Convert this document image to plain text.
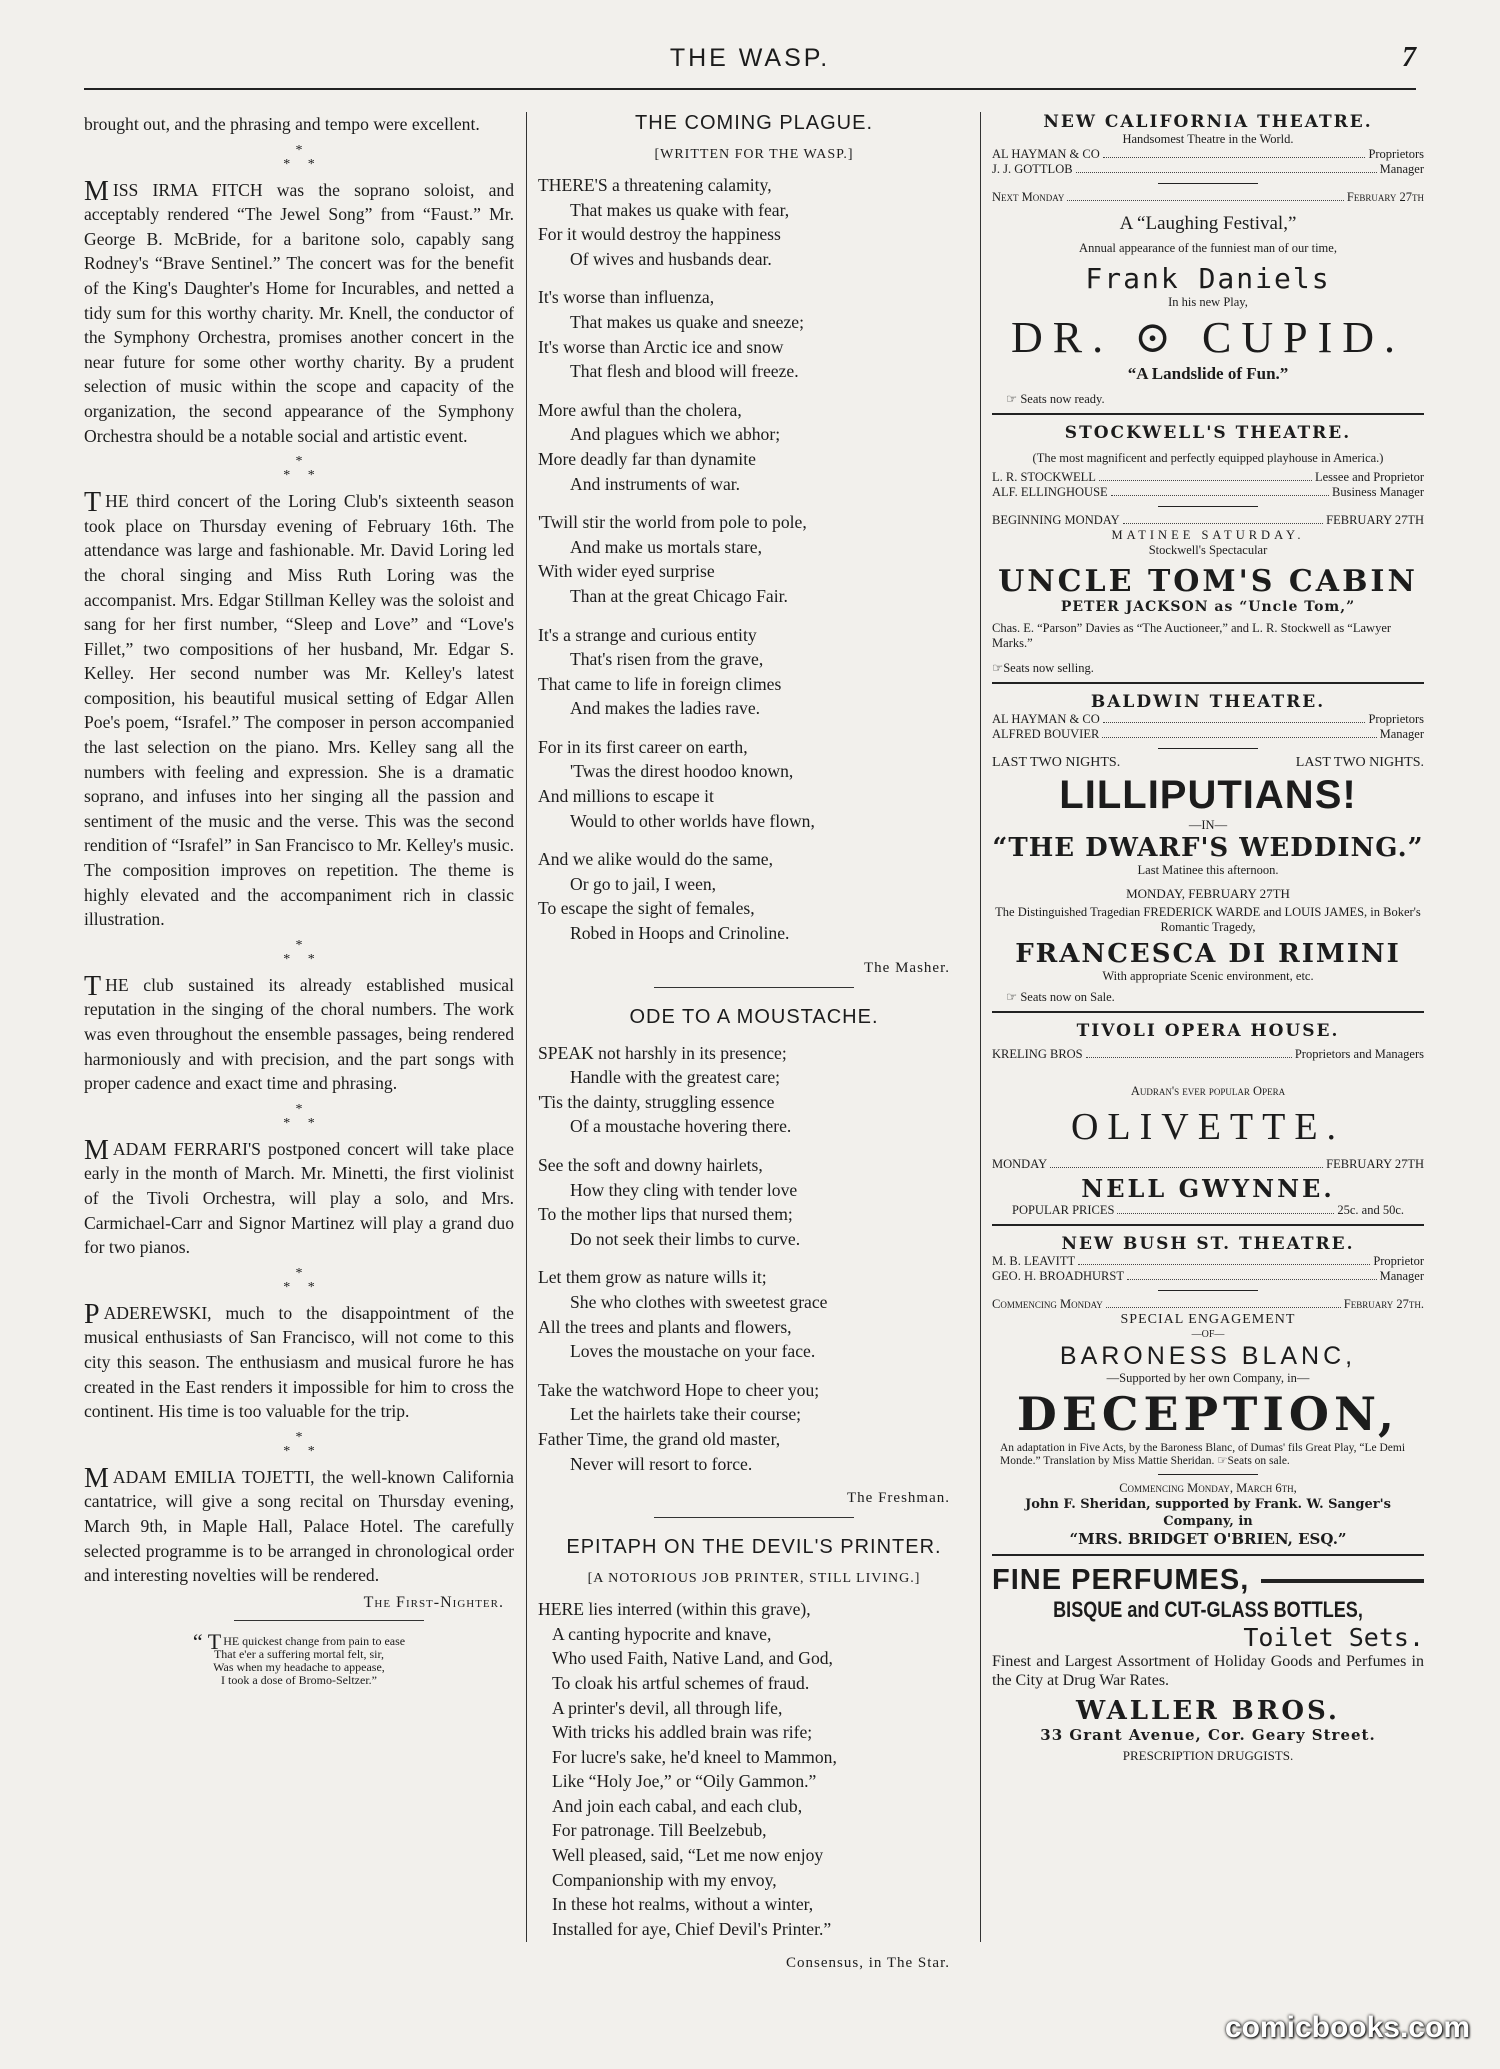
THE WASP.	7

brought out, and the phrasing and tempo were excellent.

*
*     *

MISS IRMA FITCH was the soprano soloist, and acceptably rendered “The Jewel Song” from “Faust.” Mr. George B. McBride, for a baritone solo, capably sang Rodney's “Brave Sentinel.” The concert was for the benefit of the King's Daughter's Home for Incurables, and netted a tidy sum for this worthy charity. Mr. Knell, the conductor of the Symphony Orchestra, promises another concert in the near future for some other worthy charity. By a prudent selection of music within the scope and capacity of the organization, the second appearance of the Symphony Orchestra should be a notable social and artistic event.

*
*     *

THE third concert of the Loring Club's sixteenth season took place on Thursday evening of February 16th. The attendance was large and fashionable. Mr. David Loring led the choral singing and Miss Ruth Loring was the accompanist. Mrs. Edgar Stillman Kelley was the soloist and sang for her first number, “Sleep and Love” and “Love's Fillet,” two compositions of her husband, Mr. Edgar S. Kelley. Her second number was Mr. Kelley's latest composition, his beautiful musical setting of Edgar Allen Poe's poem, “Israfel.” The composer in person accompanied the last selection on the piano. Mrs. Kelley sang all the numbers with feeling and expression. She is a dramatic soprano, and infuses into her singing all the passion and sentiment of the music and the verse. This was the second rendition of “Israfel” in San Francisco to Mr. Kelley's music. The composition improves on repetition. The theme is highly elevated and the accompaniment rich in classic illustration.

*
*     *

THE club sustained its already established musical reputation in the singing of the choral numbers. The work was even throughout the ensemble passages, being rendered harmoniously and with precision, and the part songs with proper cadence and exact time and phrasing.

*
*     *

MADAM FERRARI'S postponed concert will take place early in the month of March. Mr. Minetti, the first violinist of the Tivoli Orchestra, will play a solo, and Mrs. Carmichael-Carr and Signor Martinez will play a grand duo for two pianos.

*
*     *

PADEREWSKI, much to the disappointment of the musical enthusiasts of San Francisco, will not come to this city this season. The enthusiasm and musical furore he has created in the East renders it impossible for him to cross the continent. His time is too valuable for the trip.

*
*     *

MADAM EMILIA TOJETTI, the well-known California cantatrice, will give a song recital on Thursday evening, March 9th, in Maple Hall, Palace Hotel. The carefully selected programme is to be arranged in chronological order and interesting novelties will be rendered.

The First-Nighter.
“ T HE quickest change from pain to ease
That e'er a suffering mortal felt, sir,
Was when my headache to appease,
I took a dose of Bromo-Seltzer.”
THE COMING PLAGUE.
[WRITTEN FOR THE WASP.]
THERE'S a threatening calamity,
That makes us quake with fear,
For it would destroy the happiness
Of wives and husbands dear.
It's worse than influenza,
That makes us quake and sneeze;
It's worse than Arctic ice and snow
That flesh and blood will freeze.
More awful than the cholera,
And plagues which we abhor;
More deadly far than dynamite
And instruments of war.
'Twill stir the world from pole to pole,
And make us mortals stare,
With wider eyed surprise
Than at the great Chicago Fair.
It's a strange and curious entity
That's risen from the grave,
That came to life in foreign climes
And makes the ladies rave.
For in its first career on earth,
'Twas the direst hoodoo known,
And millions to escape it
Would to other worlds have flown,
And we alike would do the same,
Or go to jail, I ween,
To escape the sight of females,
Robed in Hoops and Crinoline.
The Masher.
ODE TO A MOUSTACHE.
SPEAK not harshly in its presence;
Handle with the greatest care;
'Tis the dainty, struggling essence
Of a moustache hovering there.
See the soft and downy hairlets,
How they cling with tender love
To the mother lips that nursed them;
Do not seek their limbs to curve.
Let them grow as nature wills it;
She who clothes with sweetest grace
All the trees and plants and flowers,
Loves the moustache on your face.
Take the watchword Hope to cheer you;
Let the hairlets take their course;
Father Time, the grand old master,
Never will resort to force.
The Freshman.
EPITAPH ON THE DEVIL'S PRINTER.
[A NOTORIOUS JOB PRINTER, STILL LIVING.]
HERE lies interred (within this grave),
A canting hypocrite and knave,
Who used Faith, Native Land, and God,
To cloak his artful schemes of fraud.
A printer's devil, all through life,
With tricks his addled brain was rife;
For lucre's sake, he'd kneel to Mammon,
Like “Holy Joe,” or “Oily Gammon.”
And join each cabal, and each club,
For patronage. Till Beelzebub,
Well pleased, said, “Let me now enjoy
Companionship with my envoy,
In these hot realms, without a winter,
Installed for aye, Chief Devil's Printer.”
Consensus, in The Star.
NEW CALIFORNIA THEATRE.
Handsomest Theatre in the World.
AL HAYMAN & CO	Proprietors
J. J. GOTTLOB	Manager
Next Monday	February 27th
A “Laughing Festival,”
Annual appearance of the funniest man of our time,
Frank Daniels
In his new Play,
DR. ⊙ CUPID.
“A Landslide of Fun.”
☞ Seats now ready.
STOCKWELL'S THEATRE.
(The most magnificent and perfectly equipped playhouse in America.)
L. R. STOCKWELL	Lessee and Proprietor
ALF. ELLINGHOUSE	Business Manager
BEGINNING MONDAY	FEBRUARY 27TH
MATINEE SATURDAY.
Stockwell's Spectacular
UNCLE TOM'S CABIN
PETER JACKSON as “Uncle Tom,”
Chas. E. “Parson” Davies as “The Auctioneer,” and L. R. Stockwell as “Lawyer Marks.”
☞Seats now selling.
BALDWIN THEATRE.
AL HAYMAN & CO	Proprietors
ALFRED BOUVIER	Manager
LAST TWO NIGHTS.	LAST TWO NIGHTS.
LILLIPUTIANS!
—IN—
“THE DWARF'S WEDDING.”
Last Matinee this afternoon.
MONDAY, FEBRUARY 27TH
The Distinguished Tragedian FREDERICK WARDE and LOUIS JAMES, in Boker's Romantic Tragedy,
FRANCESCA DI RIMINI
With appropriate Scenic environment, etc.
☞ Seats now on Sale.
TIVOLI OPERA HOUSE.
KRELING BROS	Proprietors and Managers
Audran's ever popular Opera
OLIVETTE.
MONDAY	FEBRUARY 27TH
NELL GWYNNE.
POPULAR PRICES	25c. and 50c.
NEW BUSH ST. THEATRE.
M. B. LEAVITT	Proprietor
GEO. H. BROADHURST	Manager
Commencing Monday	February 27th.
SPECIAL ENGAGEMENT
—OF—
BARONESS BLANC,
—Supported by her own Company, in—
DECEPTION,
An adaptation in Five Acts, by the Baroness Blanc, of Dumas' fils Great Play, “Le Demi Monde.” Translation by Miss Mattie Sheridan. ☞Seats on sale.
Commencing Monday, March 6th,
John F. Sheridan, supported by Frank. W. Sanger's Company, in
“MRS. BRIDGET O'BRIEN, ESQ.”
FINE PERFUMES,
BISQUE and CUT-GLASS BOTTLES,
Toilet Sets.
Finest and Largest Assortment of Holiday Goods and Perfumes in the City at Drug War Rates.
WALLER BROS.
33 Grant Avenue, Cor. Geary Street.
PRESCRIPTION DRUGGISTS.
comicbooks.com
